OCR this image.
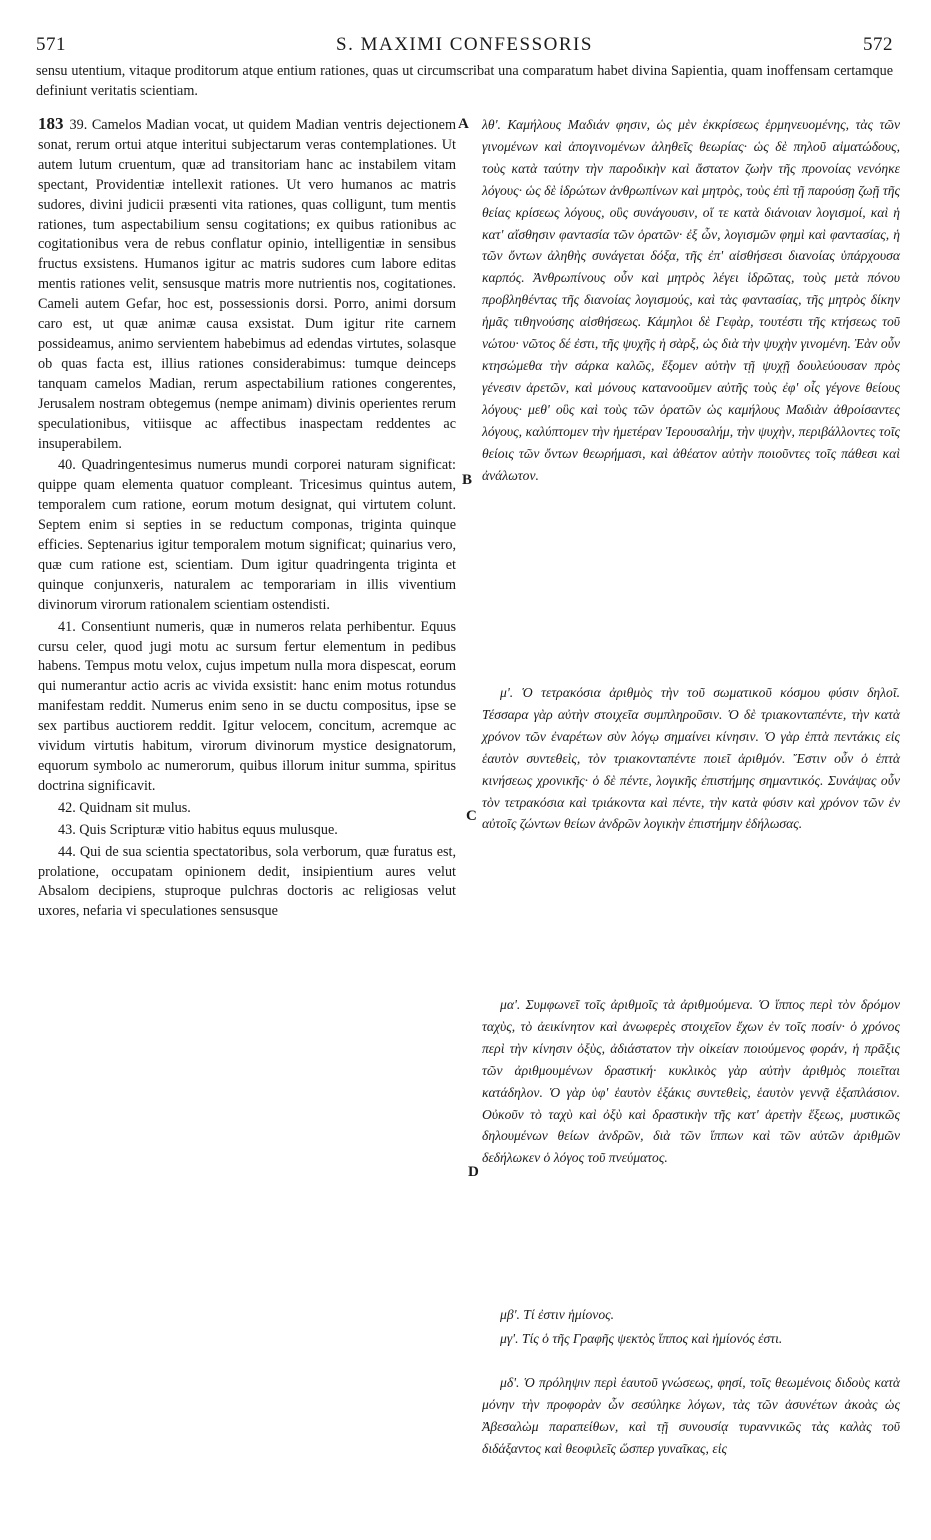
571	S. MAXIMI CONFESSORIS	572
sensu utentium, vitaque proditorum atque entium rationes, quas ut circumscribat una comparatum habet divina Sapientia, quam inoffensam certamque definiunt veritatis scientiam.

183 39. Camelos Madian vocat, ut quidem Madian ventris dejectionem sonat, rerum ortui atque interitui subjectarum veras contemplationes. Ut autem lutum cruentum, quæ ad transitoriam hanc ac instabilem vitam spectant, Providentiæ intellexit rationes. Ut vero humanos ac matris sudores, divini judicii præsenti vita rationes, quas colligunt, tum mentis rationes, tum aspectabilium sensu cogitations; ex quibus rationibus ac cogitationibus vera de rebus conflatur opinio, intelligentiæ in sensibus fructus exsistens. Humanos igitur ac matris sudores cum labore editas mentis rationes velit, sensusque matris more nutrientis nos, cogitationes. Cameli autem Gefar, hoc est, possessionis dorsi. Porro, animi dorsum caro est, ut quæ animæ causa exsistat. Dum igitur rite carnem possideamus, animo servientem habebimus ad edendas virtutes, solasque ob quas facta est, illius rationes considerabimus: tumque deinceps tanquam camelos Madian, rerum aspectabilium rationes congerentes, Jerusalem nostram obtegemus (nempe animam) divinis operientes rerum speculationibus, vitiisque ac affectibus inaspectam reddentes ac insuperabilem.

40. Quadringentesimus numerus mundi corporei naturam significat: quippe quam elementa quatuor compleant. Tricesimus quintus autem, temporalem cum ratione, eorum motum designat, qui virtutem colunt. Septem enim si septies in se reductum componas, triginta quinque efficies. Septenarius igitur temporalem motum significat; quinarius vero, quæ cum ratione est, scientiam. Dum igitur quadringenta triginta et quinque conjunxeris, naturalem ac temporariam in illis viventium divinorum virorum rationalem scientiam ostendisti.

41. Consentiunt numeris, quæ in numeros relata perhibentur. Equus cursu celer, quod jugi motu ac sursum fertur elementum in pedibus habens. Tempus motu velox, cujus impetum nulla mora dispescat, eorum qui numerantur actio acris ac vivida exsistit: hanc enim motus rotundus manifestam reddit. Numerus enim seno in se ductu compositus, ipse se sex partibus auctiorem reddit. Igitur velocem, concitum, acremque ac vividum virtutis habitum, virorum divinorum mystice designatorum, equorum symbolo ac numerorum, quibus illorum initur summa, spiritus doctrina significavit.

42. Quidnam sit mulus.

43. Quis Scripturæ vitio habitus equus mulusque.

44. Qui de sua scientia spectatoribus, sola verborum, quæ furatus est, prolatione, occupatam opinionem dedit, insipientium aures velut Absalom decipiens, stuproque pulchras doctoris ac religiosas velut uxores, nefaria vi speculationes sensusque

A
B
C
D

λθ'. Καμήλους Μαδιάν φησιν, ὡς μὲν ἐκκρίσεως ἑρμηνευομένης, τὰς τῶν γινομένων καὶ ἀπογινομένων ἀληθεῖς θεωρίας· ὡς δὲ πηλοῦ αἱματώδους, τοὺς κατὰ ταύτην τὴν παροδικὴν καὶ ἄστατον ζωὴν τῆς προνοίας νενόηκε λόγους· ὡς δὲ ἱδρώτων ἀνθρωπίνων καὶ μητρὸς, τοὺς ἐπὶ τῇ παρούσῃ ζωῇ τῆς θείας κρίσεως λόγους, οὓς συνάγουσιν, οἵ τε κατὰ διάνοιαν λογισμοί, καὶ ἡ κατ' αἴσθησιν φαντασία τῶν ὁρατῶν· ἐξ ὧν, λογισμῶν φημὶ καὶ φαντασίας, ἡ τῶν ὄντων ἀληθὴς συνάγεται δόξα, τῆς ἐπ' αἰσθήσεσι διανοίας ὑπάρχουσα καρπός. Ἀνθρωπίνους οὖν καὶ μητρὸς λέγει ἱδρῶτας, τοὺς μετὰ πόνου προβληθέντας τῆς διανοίας λογισμούς, καὶ τὰς φαντασίας, τῆς μητρὸς δίκην ἡμᾶς τιθηνούσης αἰσθήσεως. Κάμηλοι δὲ Γεφὰρ, τουτέστι τῆς κτήσεως τοῦ νώτου· νῶτος δέ ἐστι, τῆς ψυχῆς ἡ σὰρξ, ὡς διὰ τὴν ψυχὴν γινομένη. Ἐὰν οὖν κτησώμεθα τὴν σάρκα καλῶς, ἕξομεν αὐτὴν τῇ ψυχῇ δουλεύουσαν πρὸς γένεσιν ἀρετῶν, καὶ μόνους κατανοοῦμεν αὐτῆς τοὺς ἐφ' οἷς γέγονε θείους λόγους· μεθ' οὓς καὶ τοὺς τῶν ὁρατῶν ὡς καμήλους Μαδιὰν ἀθροίσαντες λόγους, καλύπτομεν τὴν ἡμετέραν Ἱερουσαλήμ, τὴν ψυχὴν, περιβάλλοντες τοῖς θείοις τῶν ὄντων θεωρήμασι, καὶ ἀθέατον αὐτὴν ποιοῦντες τοῖς πάθεσι καὶ ἀνάλωτον.

μ'. Ὁ τετρακόσια ἀριθμὸς τὴν τοῦ σωματικοῦ κόσμου φύσιν δηλοῖ. Τέσσαρα γὰρ αὐτὴν στοιχεῖα συμπληροῦσιν. Ὁ δὲ τριακονταπέντε, τὴν κατὰ χρόνον τῶν ἐναρέτων σὺν λόγῳ σημαίνει κίνησιν. Ὁ γὰρ ἑπτὰ πεντάκις εἰς ἑαυτὸν συντεθεὶς, τὸν τριακονταπέντε ποιεῖ ἀριθμόν. Ἔστιν οὖν ὁ ἑπτὰ κινήσεως χρονικῆς· ὁ δὲ πέντε, λογικῆς ἐπιστήμης σημαντικός. Συνάψας οὖν τὸν τετρακόσια καὶ τριάκοντα καὶ πέντε, τὴν κατὰ φύσιν καὶ χρόνον τῶν ἐν αὐτοῖς ζώντων θείων ἀνδρῶν λογικὴν ἐπιστήμην ἐδήλωσας.

μα'. Συμφωνεῖ τοῖς ἀριθμοῖς τὰ ἀριθμούμενα. Ὁ ἵππος περὶ τὸν δρόμον ταχὺς, τὸ ἀεικίνητον καὶ ἀνωφερὲς στοιχεῖον ἔχων ἐν τοῖς ποσίν· ὁ χρόνος περὶ τὴν κίνησιν ὀξὺς, ἀδιάστατον τὴν οἰκείαν ποιούμενος φοράν, ἡ πρᾶξις τῶν ἀριθμουμένων δραστική· κυκλικὸς γὰρ αὐτὴν ἀριθμὸς ποιεῖται κατάδηλον. Ὁ γὰρ ὑφ' ἑαυτὸν ἑξάκις συντεθεὶς, ἑαυτὸν γεννᾷ ἑξαπλάσιον. Οὐκοῦν τὸ ταχὺ καὶ ὀξὺ καὶ δραστικὴν τῆς κατ' ἀρετὴν ἕξεως, μυστικῶς δηλουμένων θείων ἀνδρῶν, διὰ τῶν ἵππων καὶ τῶν αὐτῶν ἀριθμῶν δεδήλωκεν ὁ λόγος τοῦ πνεύματος.

μβ'. Τί ἐστιν ἡμίονος.

μγ'. Τίς ὁ τῆς Γραφῆς ψεκτὸς ἵππος καὶ ἡμίονός ἐστι.

μδ'. Ὁ πρόληψιν περὶ ἑαυτοῦ γνώσεως, φησί, τοῖς θεωμένοις διδοὺς κατὰ μόνην τὴν προφορὰν ὧν σεσύληκε λόγων, τὰς τῶν ἀσυνέτων ἀκοὰς ὡς Ἀβεσαλὼμ παραπείθων, καὶ τῇ συνουσίᾳ τυραννικῶς τὰς καλὰς τοῦ διδάξαντος καὶ θεοφιλεῖς ὥσπερ γυναῖκας, εἰς
